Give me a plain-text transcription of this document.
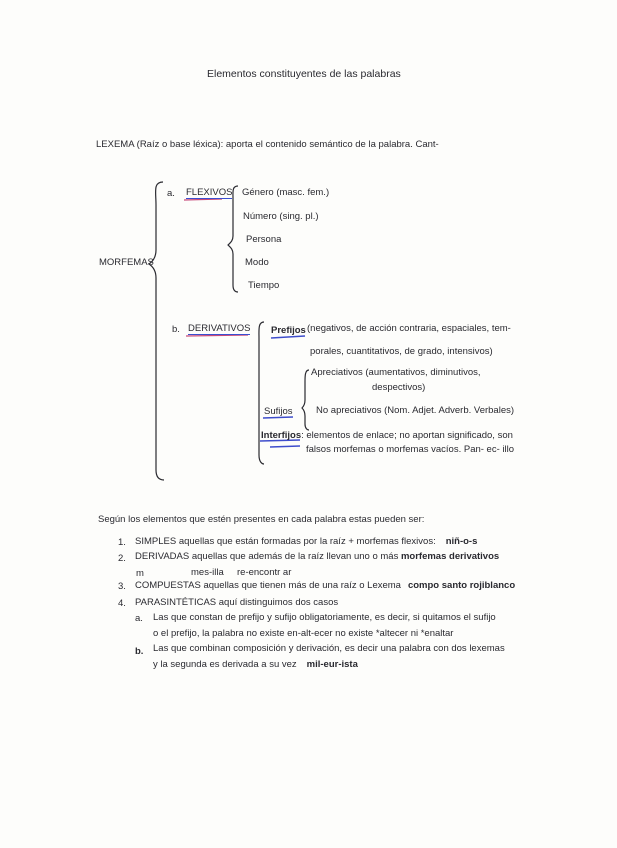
Elementos constituyentes de las palabras
LEXEMA (Raíz o base léxica): aporta el contenido semántico de la palabra. Cant-
MORFEMAS
a. FLEXIVOS Género (masc. fem.)
Número (sing. pl.)
Persona
Modo
Tiempo
b. DERIVATIVOS Prefijos (negativos, de acción contraria, espaciales, tem-
porales, cuantitativos, de grado, intensivos)
Apreciativos (aumentativos, diminutivos,
despectivos)
Sufijos No apreciativos (Nom. Adjet. Adverb. Verbales)
Interfijos: elementos de enlace; no aportan significado, son
falsos morfemas o morfemas vacíos. Pan- ec- illo
Según los elementos que estén presentes en cada palabra estas pueden ser:
1. SIMPLES aquellas que están formadas por la raíz + morfemas flexivos: niñ-o-s
2. DERIVADAS aquellas que además de la raíz llevan uno o más morfemas derivativos
m	mes-illa re-encontr ar
3. COMPUESTAS aquellas que tienen más de una raíz o Lexema compo santo rojiblanco
4. PARASINTÉTICAS aquí distinguimos dos casos
a. Las que constan de prefijo y sufijo obligatoriamente, es decir, si quitamos el sufijo
o el prefijo, la palabra no existe en-alt-ecer no existe *altecer ni *enaltar
b. Las que combinan composición y derivación, es decir una palabra con dos lexemas
y la segunda es derivada a su vez mil-eur-ista
